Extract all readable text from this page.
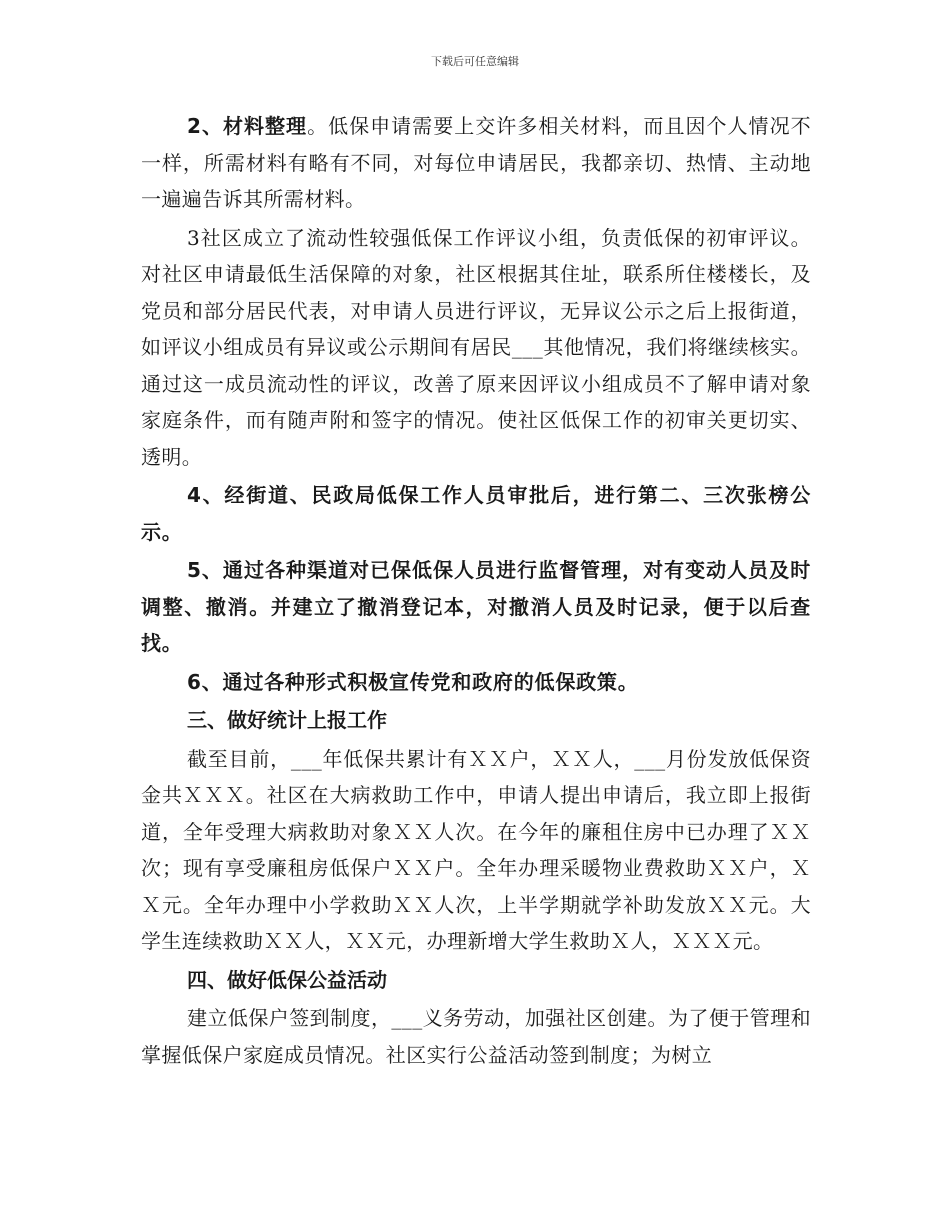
下载后可任意编辑

2、材料整理。低保申请需要上交许多相关材料，而且因个人情况不一样，所需材料有略有不同，对每位申请居民，我都亲切、热情、主动地一遍遍告诉其所需材料。

3社区成立了流动性较强低保工作评议小组，负责低保的初审评议。对社区申请最低生活保障的对象，社区根据其住址，联系所住楼楼长，及党员和部分居民代表，对申请人员进行评议，无异议公示之后上报街道，如评议小组成员有异议或公示期间有居民___其他情况，我们将继续核实。通过这一成员流动性的评议，改善了原来因评议小组成员不了解申请对象家庭条件，而有随声附和签字的情况。使社区低保工作的初审关更切实、透明。

4、经街道、民政局低保工作人员审批后，进行第二、三次张榜公示。

5、通过各种渠道对已保低保人员进行监督管理，对有变动人员及时调整、撤消。并建立了撤消登记本，对撤消人员及时记录，便于以后查找。

6、通过各种形式积极宣传党和政府的低保政策。

三、做好统计上报工作

截至目前，___年低保共累计有ＸＸ户，ＸＸ人，___月份发放低保资金共ＸＸＸ。社区在大病救助工作中，申请人提出申请后，我立即上报街道，全年受理大病救助对象ＸＸ人次。在今年的廉租住房中已办理了ＸＸ次；现有享受廉租房低保户ＸＸ户。全年办理采暖物业费救助ＸＸ户，ＸＸ元。全年办理中小学救助ＸＸ人次，上半学期就学补助发放ＸＸ元。大学生连续救助ＸＸ人，ＸＸ元，办理新增大学生救助Ｘ人，ＸＸＸ元。

四、做好低保公益活动

建立低保户签到制度，___义务劳动，加强社区创建。为了便于管理和掌握低保户家庭成员情况。社区实行公益活动签到制度；为树立
